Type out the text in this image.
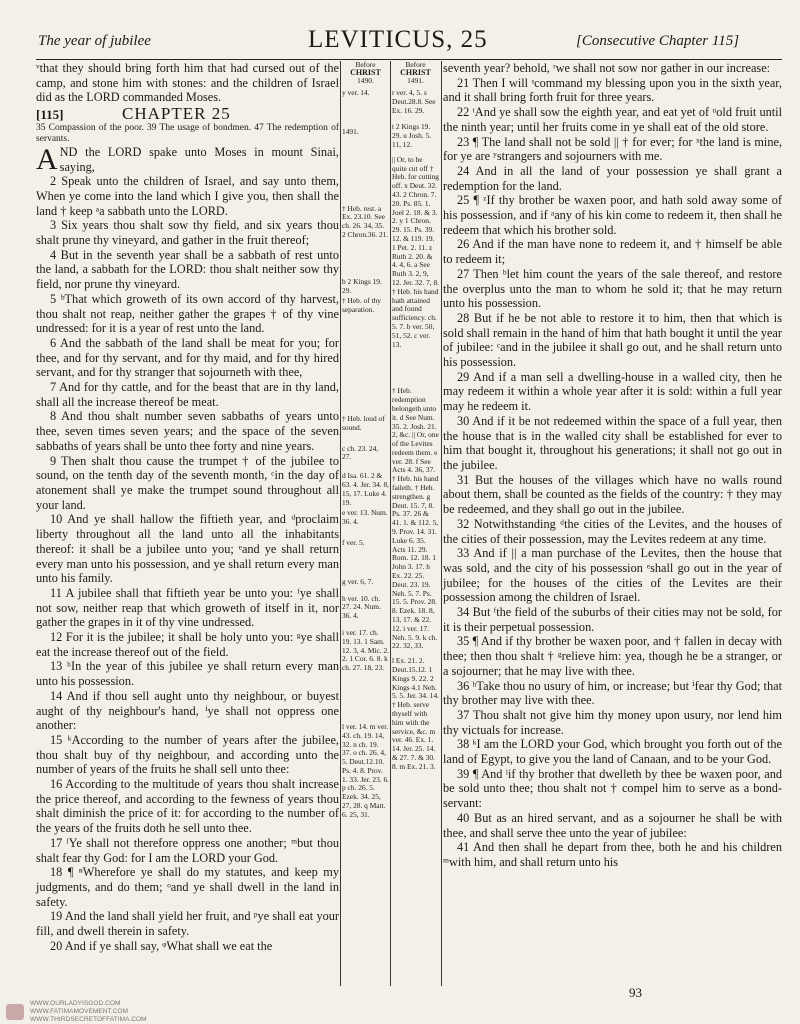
The year of jubilee	LEVITICUS, 25	[Consecutive Chapter 115]

ᵛthat they should bring forth him that had cursed out of the camp, and stone him with stones: and the children of Israel did as the LORD commanded Moses.

[115]	CHAPTER 25

35 Compassion of the poor. 39 The usage of bondmen. 47 The redemption of servants.

AND the LORD spake unto Moses in mount Sinai, saying,

2 Speak unto the children of Israel, and say unto them, When ye come into the land which I give you, then shall the land † keep ᵃa sabbath unto the LORD.

3 Six years thou shalt sow thy field, and six years thou shalt prune thy vineyard, and gather in the fruit thereof;

4 But in the seventh year shall be a sabbath of rest unto the land, a sabbath for the LORD: thou shalt neither sow thy field, nor prune thy vineyard.

5 ᵇThat which groweth of its own accord of thy harvest, thou shalt not reap, neither gather the grapes † of thy vine undressed: for it is a year of rest unto the land.

6 And the sabbath of the land shall be meat for you; for thee, and for thy servant, and for thy maid, and for thy hired servant, and for thy stranger that sojourneth with thee,

7 And for thy cattle, and for the beast that are in thy land, shall all the increase thereof be meat.

8 And thou shalt number seven sabbaths of years unto thee, seven times seven years; and the space of the seven sabbaths of years shall be unto thee forty and nine years.

9 Then shalt thou cause the trumpet † of the jubilee to sound, on the tenth day of the seventh month, ᶜin the day of atonement shall ye make the trumpet sound throughout all your land.

10 And ye shall hallow the fiftieth year, and ᵈproclaim liberty throughout all the land unto all the inhabitants thereof: it shall be a jubilee unto you; ᵉand ye shall return every man unto his possession, and ye shall return every man unto his family.

11 A jubilee shall that fiftieth year be unto you: ᶠye shall not sow, neither reap that which groweth of itself in it, nor gather the grapes in it of thy vine undressed.

12 For it is the jubilee; it shall be holy unto you: ᵍye shall eat the increase thereof out of the field.

13 ʰIn the year of this jubilee ye shall return every man unto his possession.

14 And if thou sell aught unto thy neighbour, or buyest aught of thy neighbour's hand, ⁱye shall not oppress one another:

15 ᵏAccording to the number of years after the jubilee, thou shalt buy of thy neighbour, and according unto the number of years of the fruits he shall sell unto thee:

16 According to the multitude of years thou shalt increase the price thereof, and according to the fewness of years thou shalt diminish the price of it: for according to the number of the years of the fruits doth he sell unto thee.

17 ˡYe shall not therefore oppress one another; ᵐbut thou shalt fear thy God: for I am the LORD your God.

18 ¶ ⁿWherefore ye shall do my statutes, and keep my judgments, and do them; ᵒand ye shall dwell in the land in safety.

19 And the land shall yield her fruit, and ᵖye shall eat your fill, and dwell therein in safety.

20 And if ye shall say, ᵠWhat shall we eat the

Before
CHRIST
1490.
y ver. 14.
1491.
† Heb. rest. a Ex. 23.10. See ch. 26. 34, 35. 2 Chron.36. 21.
b 2 Kings 19. 29.
† Heb. of thy separation.
† Heb. loud of sound.
c ch. 23. 24, 27.
d Isa. 61. 2 & 63. 4. Jer. 34. 8, 15, 17. Luke 4. 19.
e ver. 13. Num. 36. 4.
f ver. 5.
g ver. 6, 7.
h ver. 10. ch. 27. 24. Num. 36. 4.
i ver. 17. ch. 19. 13. 1 Sam. 12. 3, 4. Mic. 2. 2. 1 Cor. 6. 8. k ch. 27. 18, 23.
l ver. 14. m ver. 43. ch. 19. 14, 32. n ch. 19. 37. o ch. 26. 4, 5. Deut.12.10. Ps. 4. 8. Prov. 1. 33. Jer. 23. 6. p ch. 26. 5. Ezek. 34. 25, 27, 28. q Matt. 6. 25, 31.
Before
CHRIST
1491.
r ver. 4, 5. s Deut.28.8. See Ex. 16. 29.
t 2 Kings 19. 29. u Josh. 5. 11, 12.
|| Or, to be quite cut off † Heb. for cutting off. x Deut. 32. 43. 2 Chron. 7. 20. Ps. 85. 1. Joel 2. 18. & 3. 2. y 1 Chron. 29. 15. Ps. 39. 12. & 119. 19. 1 Pet. 2. 11. z Ruth 2. 20. & 4. 4, 6. a See Ruth 3. 2, 9, 12. Jer. 32. 7, 8. † Heb. his hand hath attained and found sufficiency. ch. 5. 7. b ver. 50, 51, 52. c ver. 13.
† Heb. redemption belongeth unto it. d See Num. 35. 2. Josh. 21. 2, &c. || Or, one of the Levites redeem them. e ver. 28. f See Acts 4. 36, 37. † Heb. his hand faileth. † Heb. strengthen. g Deut. 15. 7, 8. Ps. 37. 26 & 41. 1. & 112. 5, 9. Prov. 14. 31. Luke 6. 35. Acts 11. 29. Rom. 12. 18. 1 John 3. 17. h Ex. 22. 25. Deut. 23. 19. Neh. 5. 7. Ps. 15. 5. Prov. 28. 8. Ezek. 18. 8, 13, 17. & 22. 12. i ver. 17. Neh. 5. 9. k ch. 22. 32, 33.
l Ex. 21. 2. Deut.15.12. 1 Kings 9. 22. 2 Kings 4.1 Neh. 5. 5. Jer. 34. 14. † Heb. serve thyself with him with the service, &c. m ver. 46. Ex. 1. 14. Jer. 25. 14. & 27. 7. & 30. 8. m Ex. 21. 3.

seventh year? behold, ʳwe shall not sow nor gather in our increase:

21 Then I will ˢcommand my blessing upon you in the sixth year, and it shall bring forth fruit for three years.

22 ᵗAnd ye shall sow the eighth year, and eat yet of ᵘold fruit until the ninth year; until her fruits come in ye shall eat of the old store.

23 ¶ The land shall not be sold || † for ever; for ˣthe land is mine, for ye are ʸstrangers and sojourners with me.

24 And in all the land of your possession ye shall grant a redemption for the land.

25 ¶ ᶻIf thy brother be waxen poor, and hath sold away some of his possession, and if ᵃany of his kin come to redeem it, then shall he redeem that which his brother sold.

26 And if the man have none to redeem it, and † himself be able to redeem it;

27 Then ᵇlet him count the years of the sale thereof, and restore the overplus unto the man to whom he sold it; that he may return unto his possession.

28 But if he be not able to restore it to him, then that which is sold shall remain in the hand of him that hath bought it until the year of jubilee: ᶜand in the jubilee it shall go out, and he shall return unto his possession.

29 And if a man sell a dwelling-house in a walled city, then he may redeem it within a whole year after it is sold: within a full year may he redeem it.

30 And if it be not redeemed within the space of a full year, then the house that is in the walled city shall be established for ever to him that bought it, throughout his generations; it shall not go out in the jubilee.

31 But the houses of the villages which have no walls round about them, shall be counted as the fields of the country: † they may be redeemed, and they shall go out in the jubilee.

32 Notwithstanding ᵈthe cities of the Levites, and the houses of the cities of their possession, may the Levites redeem at any time.

33 And if || a man purchase of the Levites, then the house that was sold, and the city of his possession ᵉshall go out in the year of jubilee; for the houses of the cities of the Levites are their possession among the children of Israel.

34 But ᶠthe field of the suburbs of their cities may not be sold, for it is their perpetual possession.

35 ¶ And if thy brother be waxen poor, and † fallen in decay with thee; then thou shalt † ᵍrelieve him: yea, though he be a stranger, or a sojourner; that he may live with thee.

36 ʰTake thou no usury of him, or increase; but ⁱfear thy God; that thy brother may live with thee.

37 Thou shalt not give him thy money upon usury, nor lend him thy victuals for increase.

38 ᵏI am the LORD your God, which brought you forth out of the land of Egypt, to give you the land of Canaan, and to be your God.

39 ¶ And ˡif thy brother that dwelleth by thee be waxen poor, and be sold unto thee; thou shalt not † compel him to serve as a bond-servant:

40 But as an hired servant, and as a sojourner he shall be with thee, and shall serve thee unto the year of jubilee:

41 And then shall he depart from thee, both he and his children ᵐwith him, and shall return unto his

93
WWW.OURLADYISGOD.COM
WWW.FATIMAMOVEMENT.COM
WWW.THIRDSECRETOFFATIMA.COM
